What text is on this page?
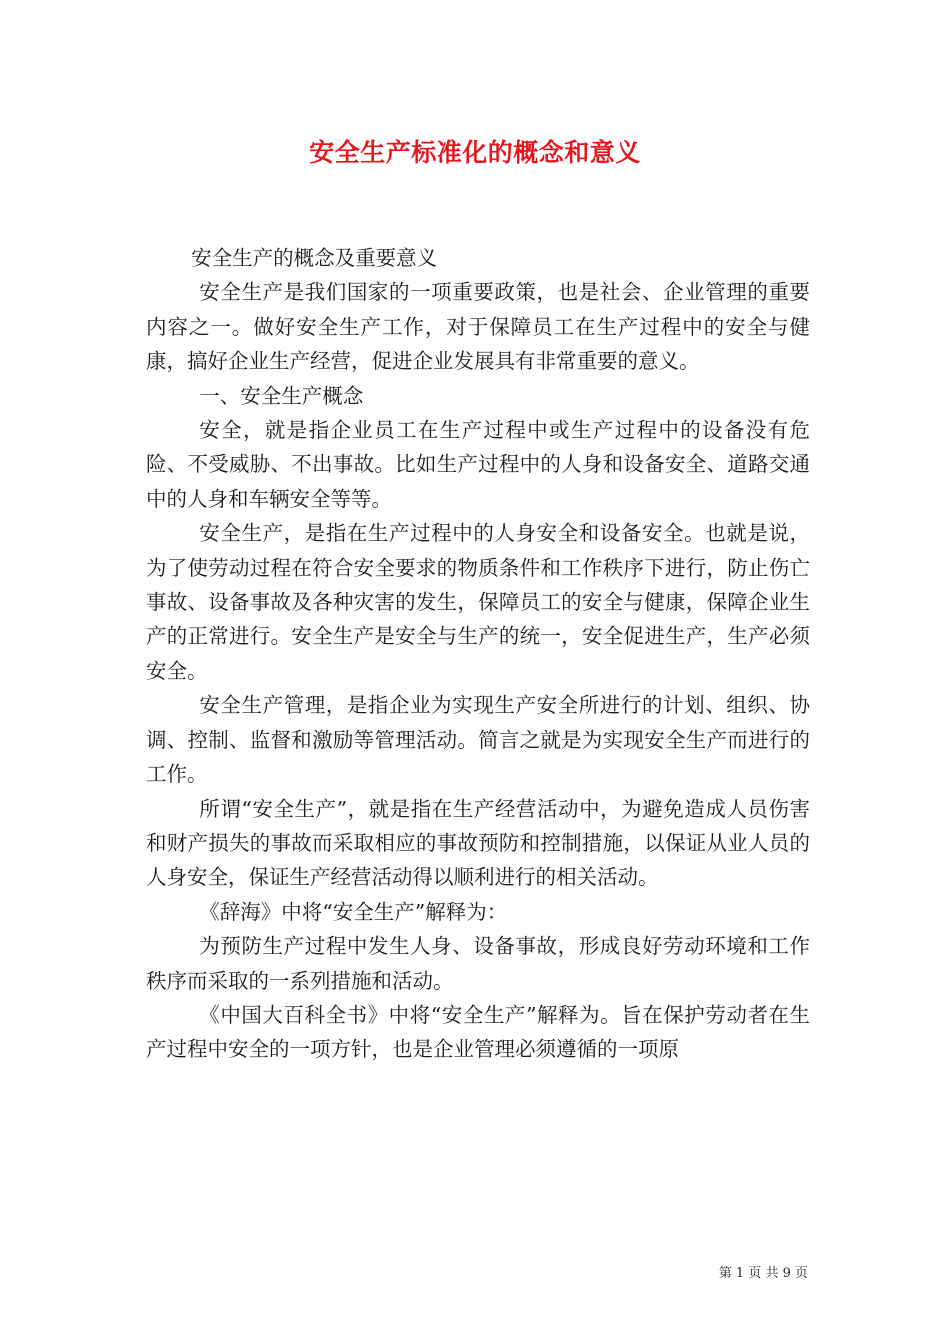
安全生产标准化的概念和意义

安全生产的概念及重要意义

安全生产是我们国家的一项重要政策，也是社会、企业管理的重要内容之一。做好安全生产工作，对于保障员工在生产过程中的安全与健康，搞好企业生产经营，促进企业发展具有非常重要的意义。

一、安全生产概念

安全，就是指企业员工在生产过程中或生产过程中的设备没有危险、不受威胁、不出事故。比如生产过程中的人身和设备安全、道路交通中的人身和车辆安全等等。

安全生产，是指在生产过程中的人身安全和设备安全。也就是说，为了使劳动过程在符合安全要求的物质条件和工作秩序下进行，防止伤亡事故、设备事故及各种灾害的发生，保障员工的安全与健康，保障企业生产的正常进行。安全生产是安全与生产的统一，安全促进生产，生产必须安全。

安全生产管理，是指企业为实现生产安全所进行的计划、组织、协调、控制、监督和激励等管理活动。简言之就是为实现安全生产而进行的工作。

所谓“安全生产”，就是指在生产经营活动中，为避免造成人员伤害和财产损失的事故而采取相应的事故预防和控制措施，以保证从业人员的人身安全，保证生产经营活动得以顺利进行的相关活动。

《辞海》中将“安全生产”解释为：

为预防生产过程中发生人身、设备事故，形成良好劳动环境和工作秩序而采取的一系列措施和活动。

《中国大百科全书》中将“安全生产”解释为。旨在保护劳动者在生产过程中安全的一项方针，也是企业管理必须遵循的一项原

第 1 页 共 9 页
